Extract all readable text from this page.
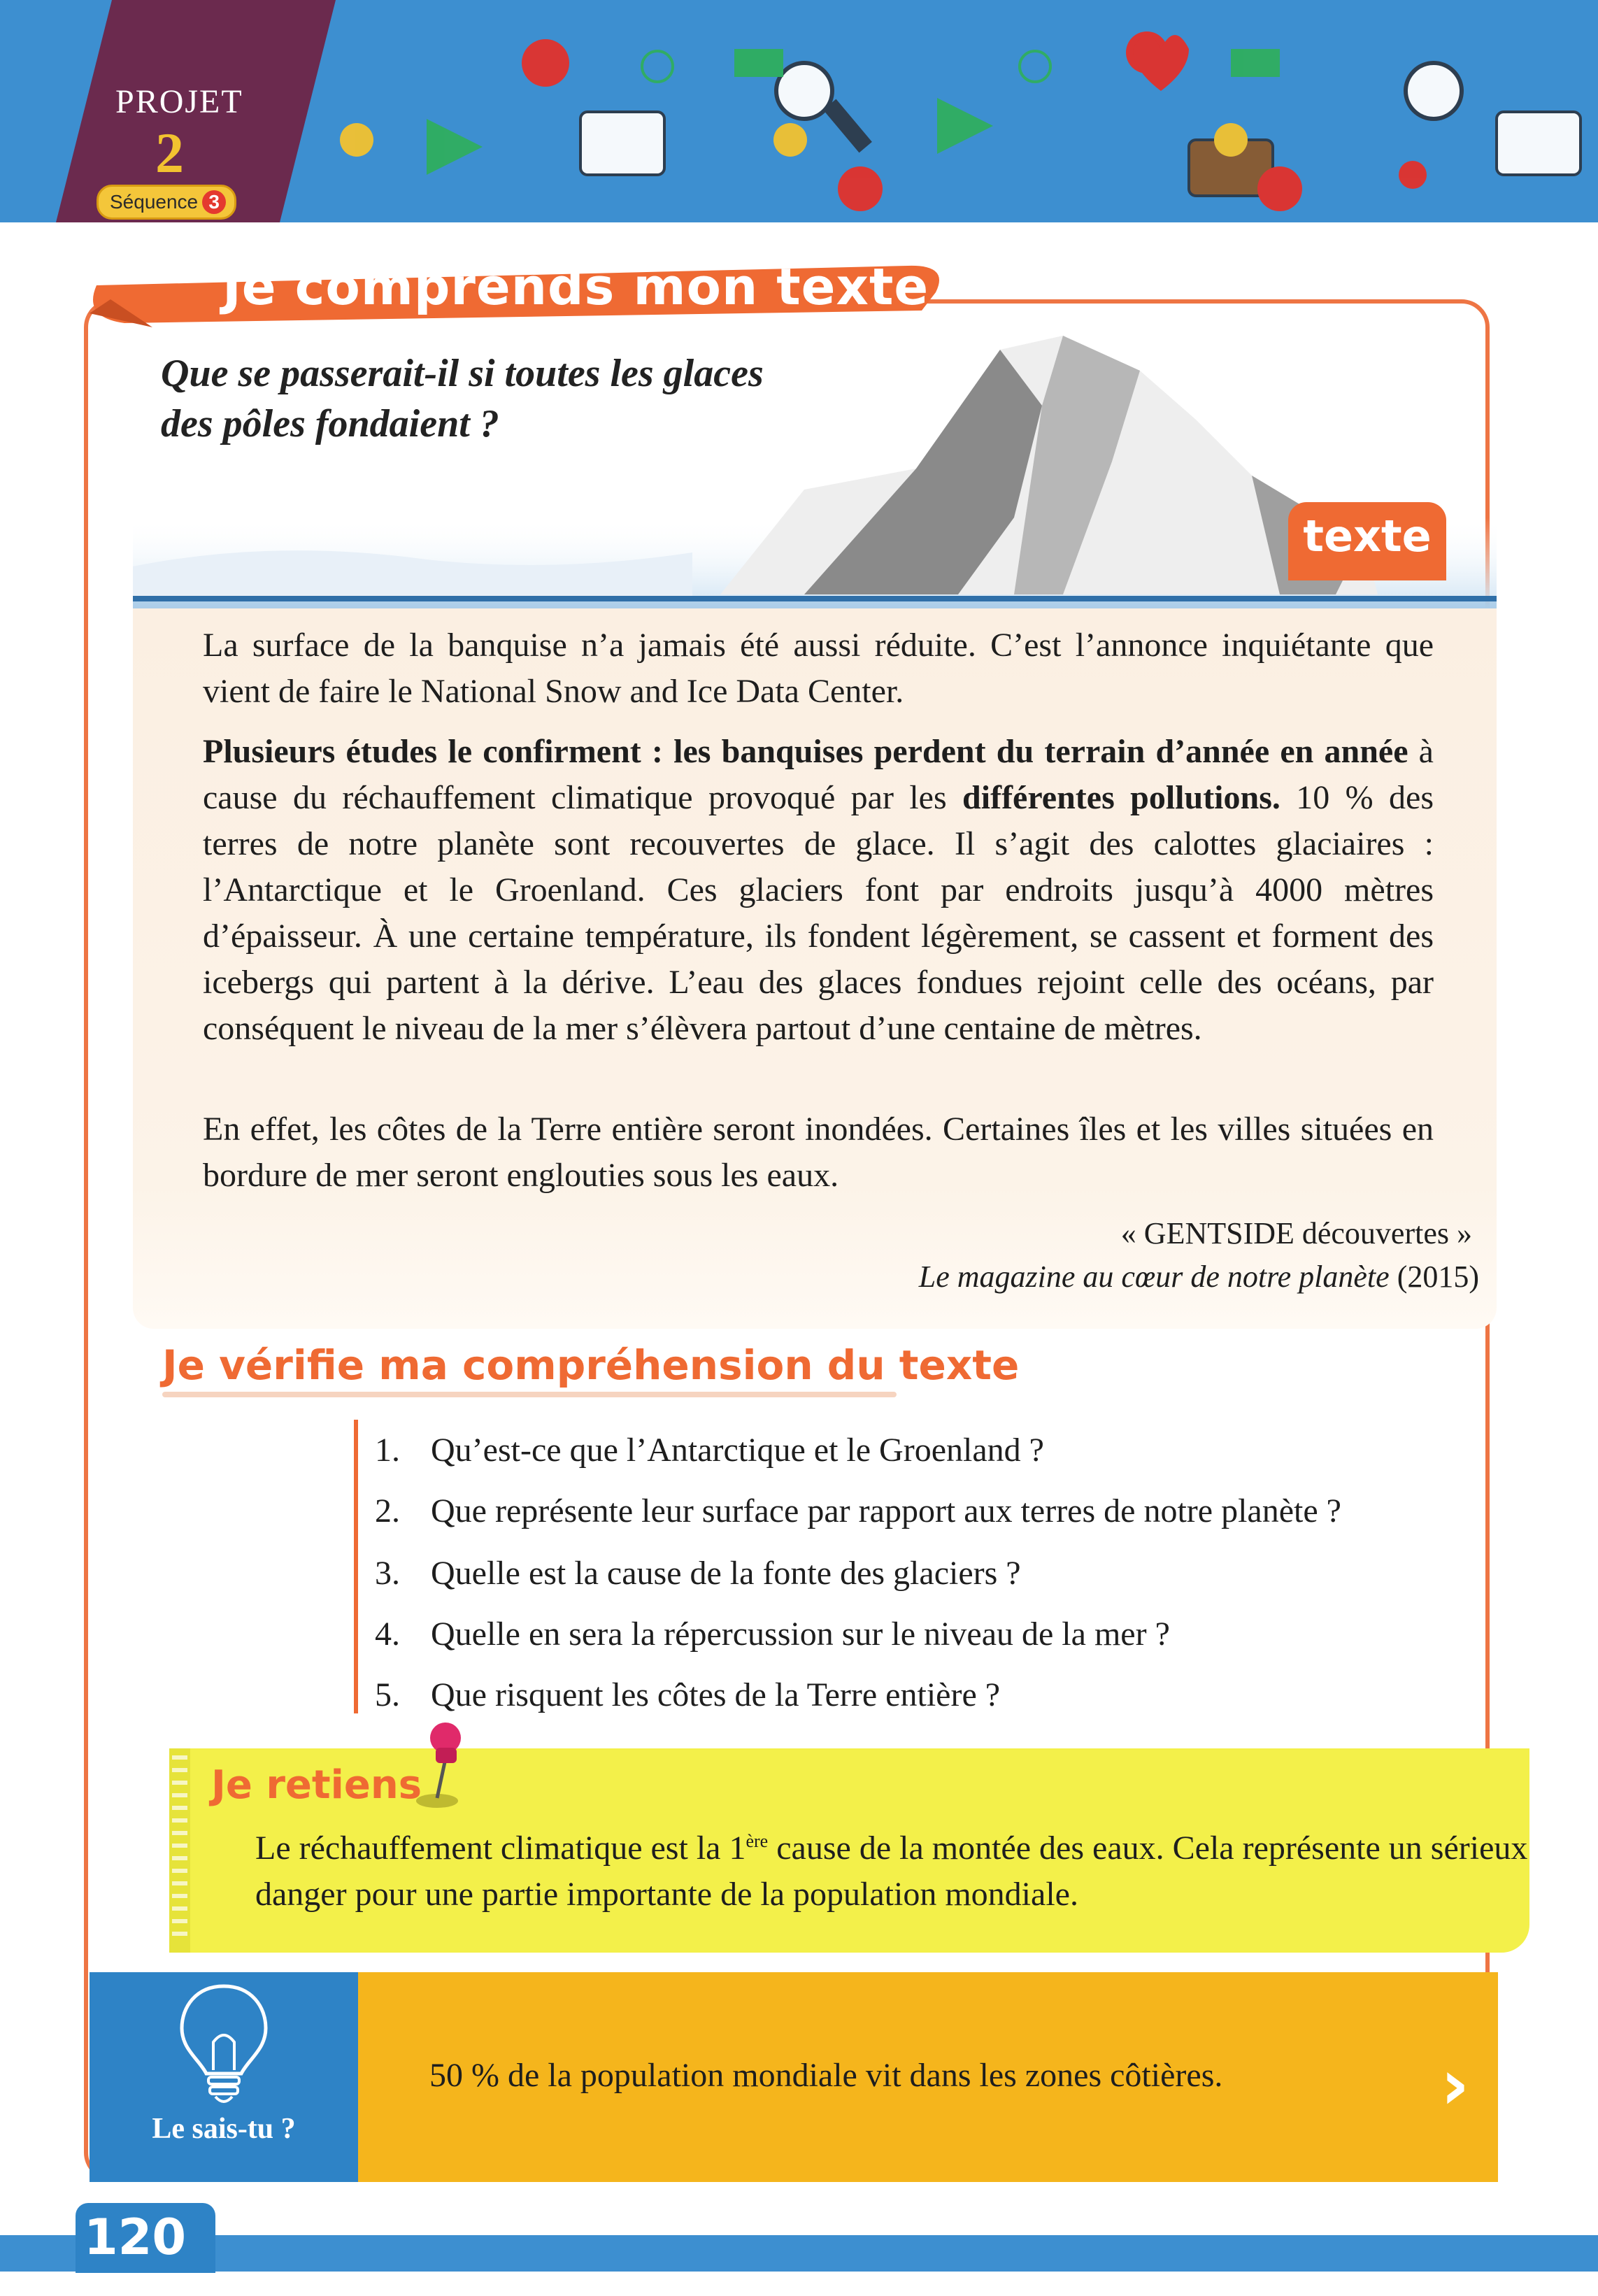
PROJET
2
Séquence 3
Je comprends mon texte
Que se passerait-il si toutes les glaces
des pôles fondaient ?
texte

La surface de la banquise n’a jamais été aussi réduite. C’est l’annonce inquiétante que vient de faire le National Snow and Ice Data Center.

Plusieurs études le confirment : les banquises perdent du terrain d’année en année à cause du réchauffement climatique provoqué par les différentes pollutions. 10 % des terres de notre planète sont recouvertes de glace. Il s’agit des calottes glaciaires : l’Antarctique et le Groenland. Ces glaciers font par endroits jusqu’à 4000 mètres d’épaisseur. À une certaine température, ils fondent légèrement, se cassent et forment des icebergs qui partent à la dérive. L’eau des glaces fondues rejoint celle des océans, par conséquent le niveau de la mer s’élèvera partout d’une centaine de mètres.

En effet, les côtes de la Terre entière seront inondées. Certaines îles et les villes situées en bordure de mer seront englouties sous les eaux.

« GENTSIDE découvertes »
Le magazine au cœur de notre planète (2015)
Je vérifie ma compréhension du texte
1. Qu’est-ce que l’Antarctique et le Groenland ?
2. Que représente leur surface par rapport aux terres de notre planète ?
3. Quelle est la cause de la fonte des glaciers ?
4. Quelle en sera la répercussion sur le niveau de la mer ?
5. Que risquent les côtes de la Terre entière ?
Je retiens
Le réchauffement climatique est la 1ère cause de la montée des eaux. Cela représente un sérieux danger pour une partie importante de la population mondiale.
Le sais-tu ?
50 % de la population mondiale vit dans les zones côtières.	›
120
